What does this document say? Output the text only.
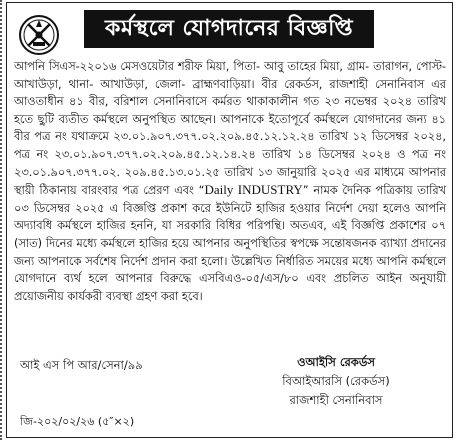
কর্মস্থলে যোগদানের বিজ্ঞপ্তি
আপনি সিএস-২২০১৬ মেসওয়েটার শরীফ মিয়া, পিতা- আবু তাহের মিয়া, গ্রাম- তারাগন, পোস্ট- আখাউড়া, থানা- আখাউড়া, জেলা- ব্রাহ্মণবাড়িয়া। বীর রেকর্ডস, রাজশাহী সেনানিবাস এর আওতাধীন ৪১ বীর, বরিশাল সেনানিবাসে কর্মরত থাকাকালীন গত ২৩ নভেম্বর ২০২৪ তারিখ হতে ছুটি ব্যতীত কর্মস্থলে অনুপস্থিত আছেন। আপনাকে ইতোপূর্বে কর্মস্থলে যোগদানের জন্য ৪১ বীর পত্র নং যথাক্রমে ২৩.০১.৯০৭.৩৭৭.০২.২০৯.৪৫.১২.১২.২৪ তারিখ ১২ ডিসেম্বর ২০২৪, পত্র নং ২৩.০১.৯০৭.৩৭৭.০২.২০৯.৪৫.১২.১৪.২৪ তারিখ ১৪ ডিসেম্বর ২০২৪ ও পত্র নং ২৩.০১.৯০৭.৩৭৭.০২. ২০৯.৪৫.১৩.০১.২৫ তারিখ ১৩ জানুয়ারি ২০২৫ এর মাধ্যমে আপনার স্থায়ী ঠিকানায় বারংবার পত্র প্রেরণ এবং “Daily INDUSTRY” নামক দৈনিক পত্রিকায় তারিখ ০৩ ডিসেম্বর ২০২৫ এ বিজ্ঞপ্তি প্রকাশ করে ইউনিটে হাজির হওয়ার নির্দেশ দেয়া হলেও আপনি অদ্যাবধি কর্মস্থলে হাজির হননি, যা সরকারি বিধির পরিপন্থি। অতএব, এই বিজ্ঞপ্তি প্রকাশের ০৭ (সাত) দিনের মধ্যে কর্মস্থলে হাজির হয়ে আপনার অনুপস্থিতির স্বপক্ষে সন্তোষজনক ব্যাখ্যা প্রদানের জন্য আপনাকে সর্বশেষ নির্দেশ প্রদান করা হলো। উল্লেখিত নির্ধারিত সময়ের মধ্যে আপনি কর্মস্থলে যোগদানে ব্যর্থ হলে আপনার বিরুদ্ধে এসবিএও-০৫/এস/৮০ এবং প্রচলিত আইন অনুযায়ী প্রয়োজনীয় কার্যকরী ব্যবস্থা গ্রহণ করা হবে।
আই এস পি আর/সেনা/৯৯	ওআইসি রেকর্ডস
বিআইআরসি (রেকর্ডস)
রাজশাহী সেনানিবাস
জি-২০২/০২/২৬ (৫″×২)
